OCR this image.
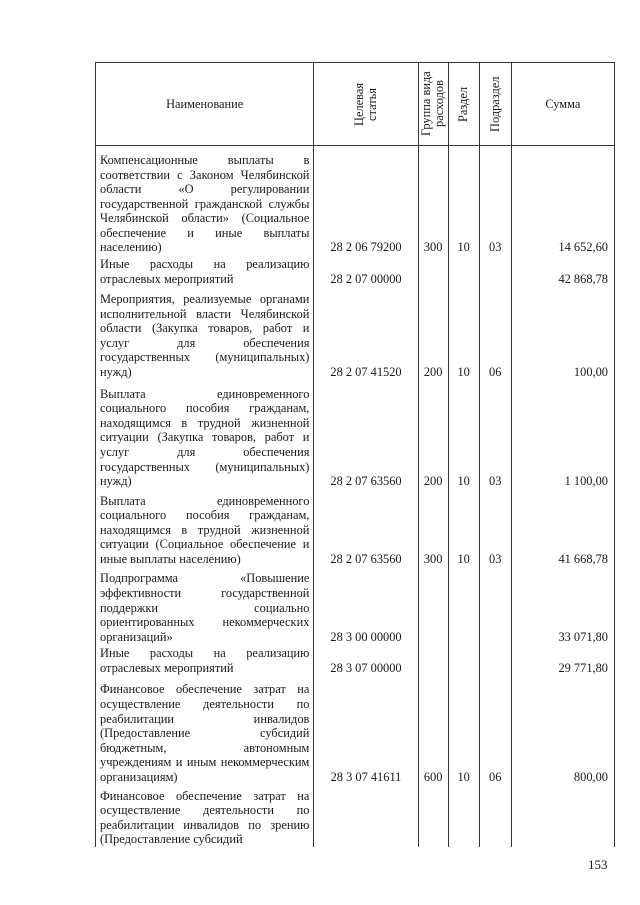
Наименование	Целевая статья	Группа вида расходов	Раздел	Подраздел	Сумма
Компенсационные выплаты в соответствии с Законом Челябинской области «О регулировании государственной гражданской службы Челябинской области» (Социальное обеспечение и иные выплаты населению)	28 2 06 79200	300	10	03	14 652,60
Иные расходы на реализацию отраслевых мероприятий	28 2 07 00000				42 868,78
Мероприятия, реализуемые органами исполнительной власти Челябинской области (Закупка товаров, работ и услуг для обеспечения государственных (муниципальных) нужд)	28 2 07 41520	200	10	06	100,00
Выплата единовременного социального пособия гражданам, находящимся в трудной жизненной ситуации (Закупка товаров, работ и услуг для обеспечения государственных (муниципальных) нужд)	28 2 07 63560	200	10	03	1 100,00
Выплата единовременного социального пособия гражданам, находящимся в трудной жизненной ситуации (Социальное обеспечение и иные выплаты населению)	28 2 07 63560	300	10	03	41 668,78
Подпрограмма «Повышение эффективности государственной поддержки социально ориентированных некоммерческих организаций»	28 3 00 00000				33 071,80
Иные расходы на реализацию отраслевых мероприятий	28 3 07 00000				29 771,80
Финансовое обеспечение затрат на осуществление деятельности по реабилитации инвалидов (Предоставление субсидий бюджетным, автономным учреждениям и иным некоммерческим организациям)	28 3 07 41611	600	10	06	800,00
Финансовое обеспечение затрат на осуществление деятельности по реабилитации инвалидов по зрению (Предоставление субсидий					
153
